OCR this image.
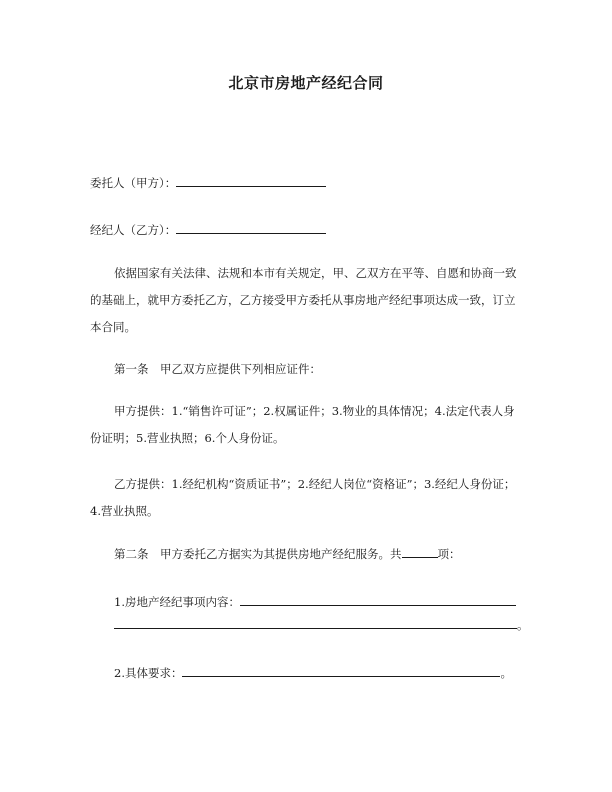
北京市房地产经纪合同
委托人（甲方）：
经纪人（乙方）：
依据国家有关法律、法规和本市有关规定，甲、乙双方在平等、自愿和协商一致的基础上，就甲方委托乙方，乙方接受甲方委托从事房地产经纪事项达成一致，订立本合同。
第一条　甲乙双方应提供下列相应证件：
甲方提供：1.“销售许可证”；2.权属证件；3.物业的具体情况；4.法定代表人身份证明；5.营业执照；6.个人身份证。
乙方提供：1.经纪机构“资质证书”；2.经纪人岗位“资格证”；3.经纪人身份证；4.营业执照。
第二条　甲方委托乙方据实为其提供房地产经纪服务。共	项：
1.房地产经纪事项内容：
。
2.具体要求：	。
